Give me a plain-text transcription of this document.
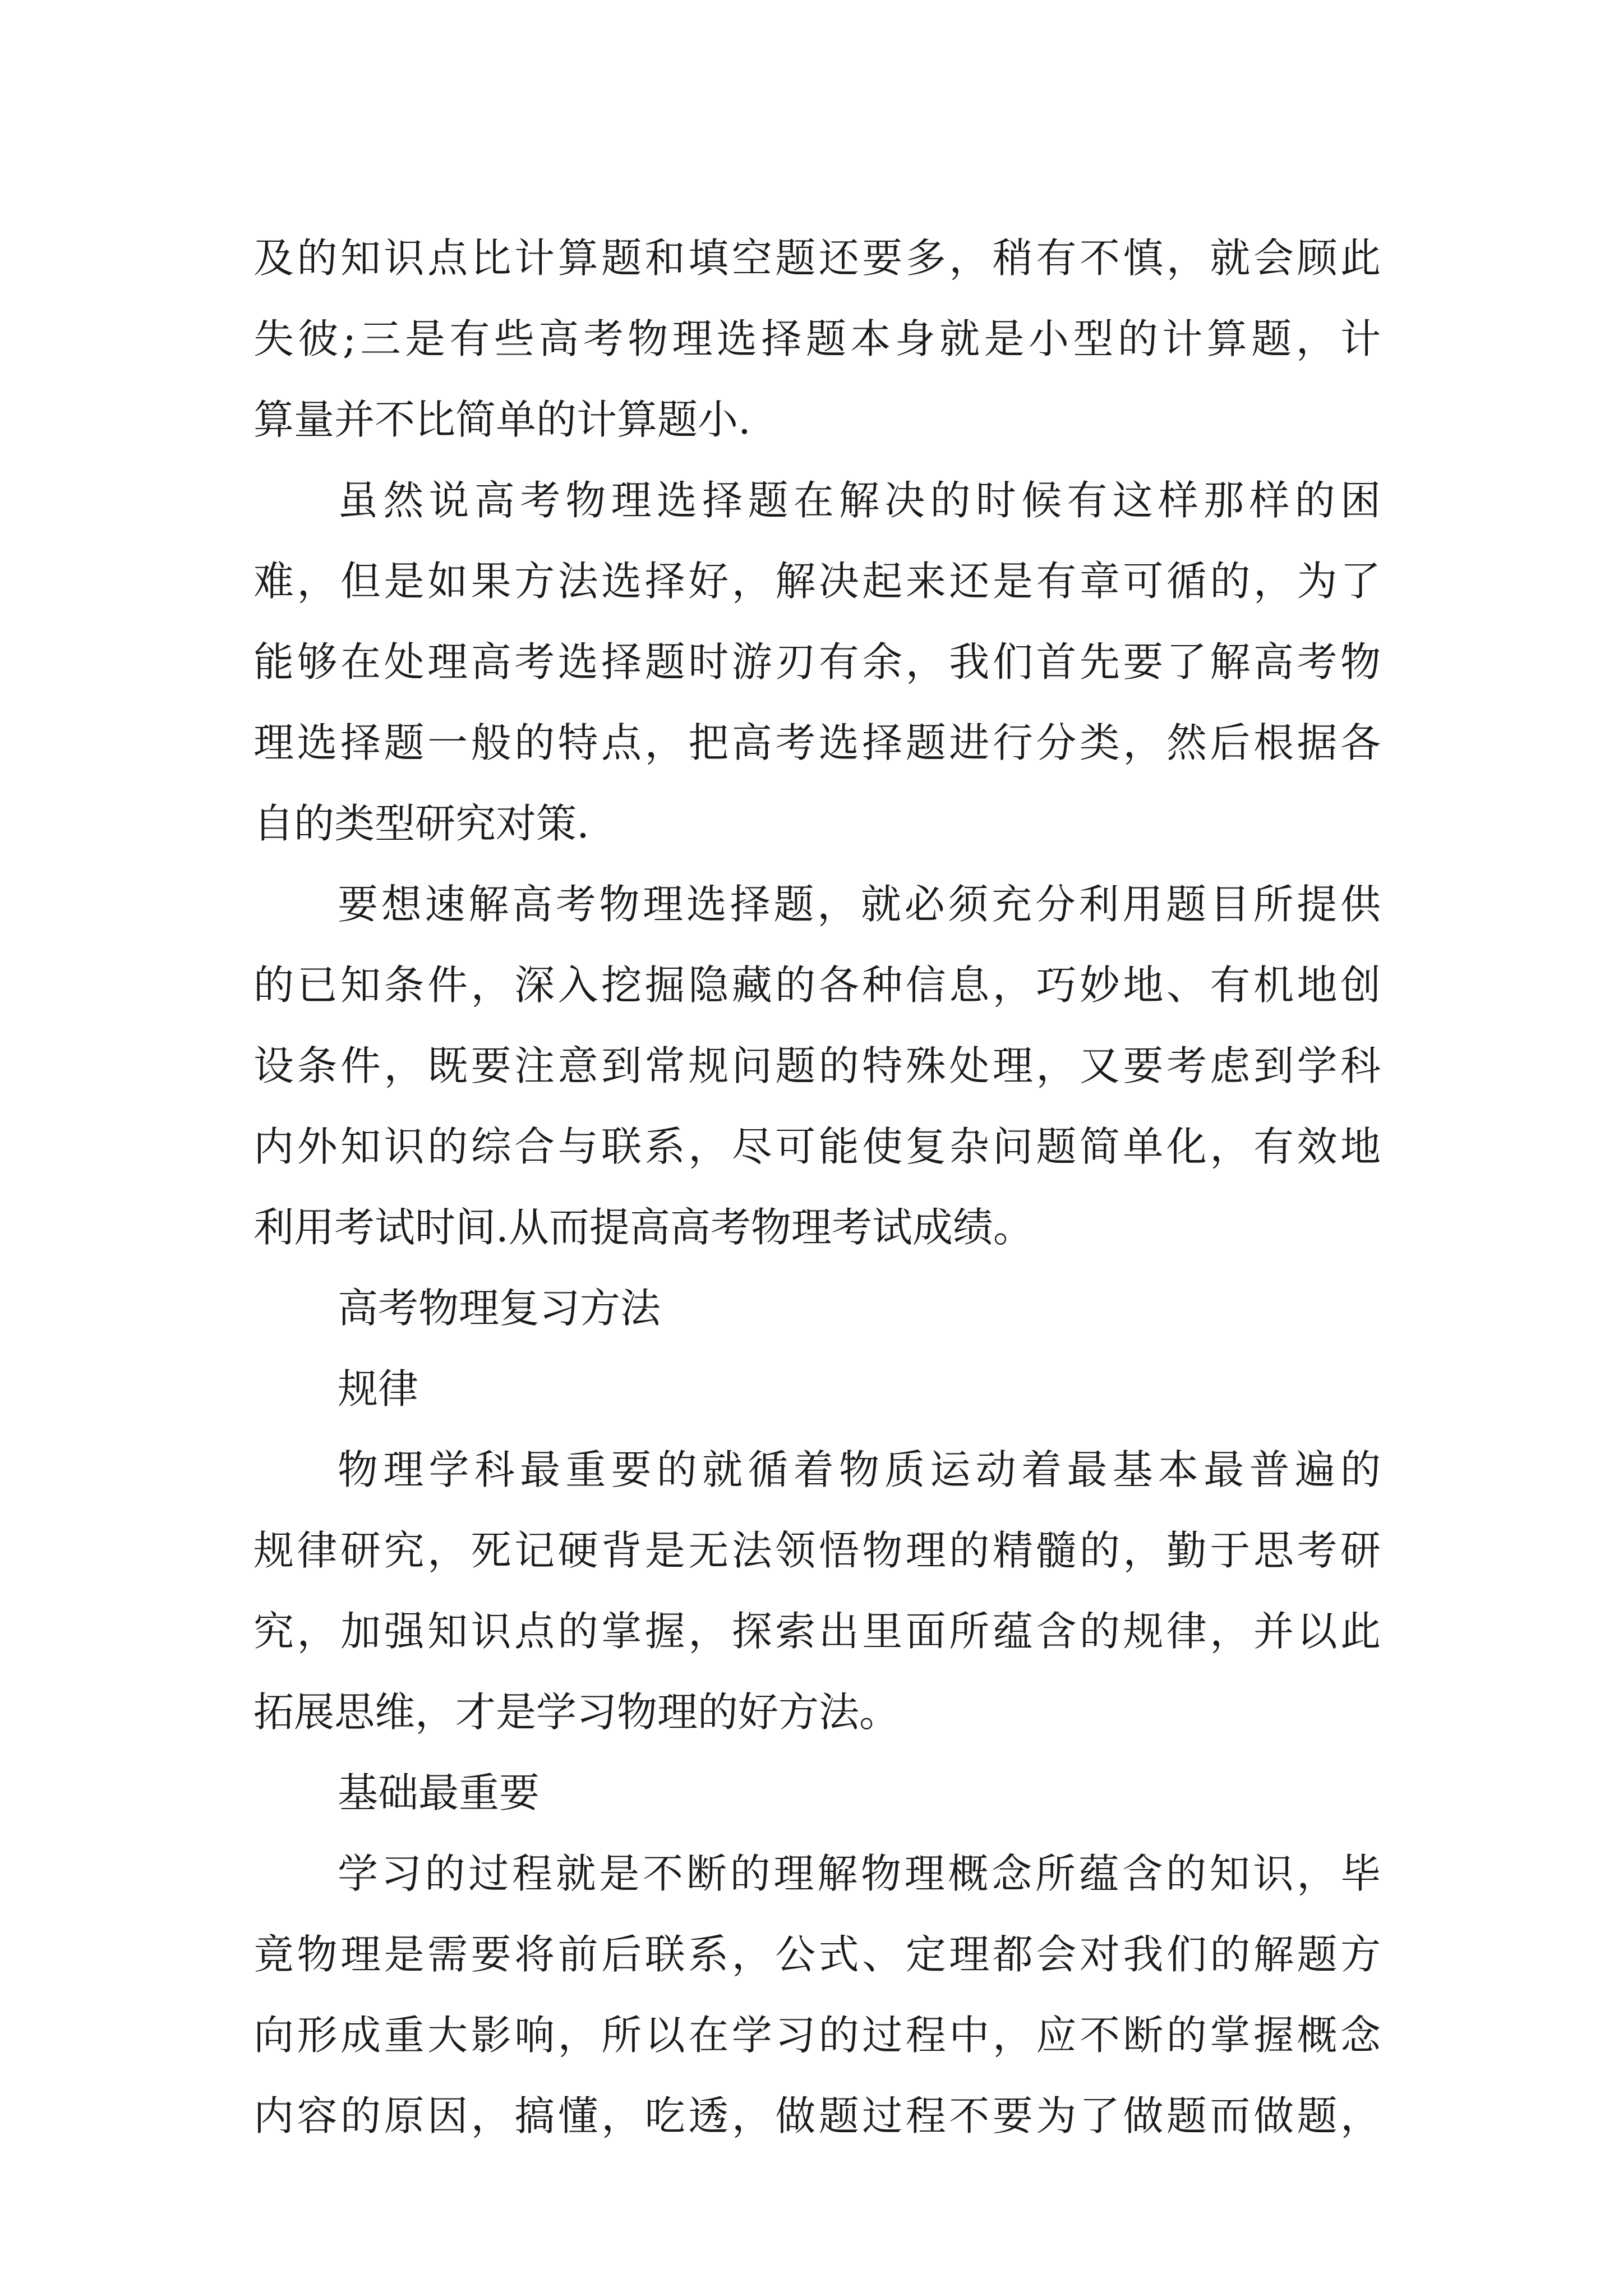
及的知识点比计算题和填空题还要多，稍有不慎，就会顾此
失彼;三是有些高考物理选择题本身就是小型的计算题，计
算量并不比简单的计算题小.
虽然说高考物理选择题在解决的时候有这样那样的困
难，但是如果方法选择好，解决起来还是有章可循的，为了
能够在处理高考选择题时游刃有余，我们首先要了解高考物
理选择题一般的特点，把高考选择题进行分类，然后根据各
自的类型研究对策.
要想速解高考物理选择题，就必须充分利用题目所提供
的已知条件，深入挖掘隐藏的各种信息，巧妙地、有机地创
设条件，既要注意到常规问题的特殊处理，又要考虑到学科
内外知识的综合与联系，尽可能使复杂问题简单化，有效地
利用考试时间.从而提高高考物理考试成绩。
高考物理复习方法
规律
物理学科最重要的就循着物质运动着最基本最普遍的
规律研究，死记硬背是无法领悟物理的精髓的，勤于思考研
究，加强知识点的掌握，探索出里面所蕴含的规律，并以此
拓展思维，才是学习物理的好方法。
基础最重要
学习的过程就是不断的理解物理概念所蕴含的知识，毕
竟物理是需要将前后联系，公式、定理都会对我们的解题方
向形成重大影响，所以在学习的过程中，应不断的掌握概念
内容的原因，搞懂，吃透，做题过程不要为了做题而做题，
